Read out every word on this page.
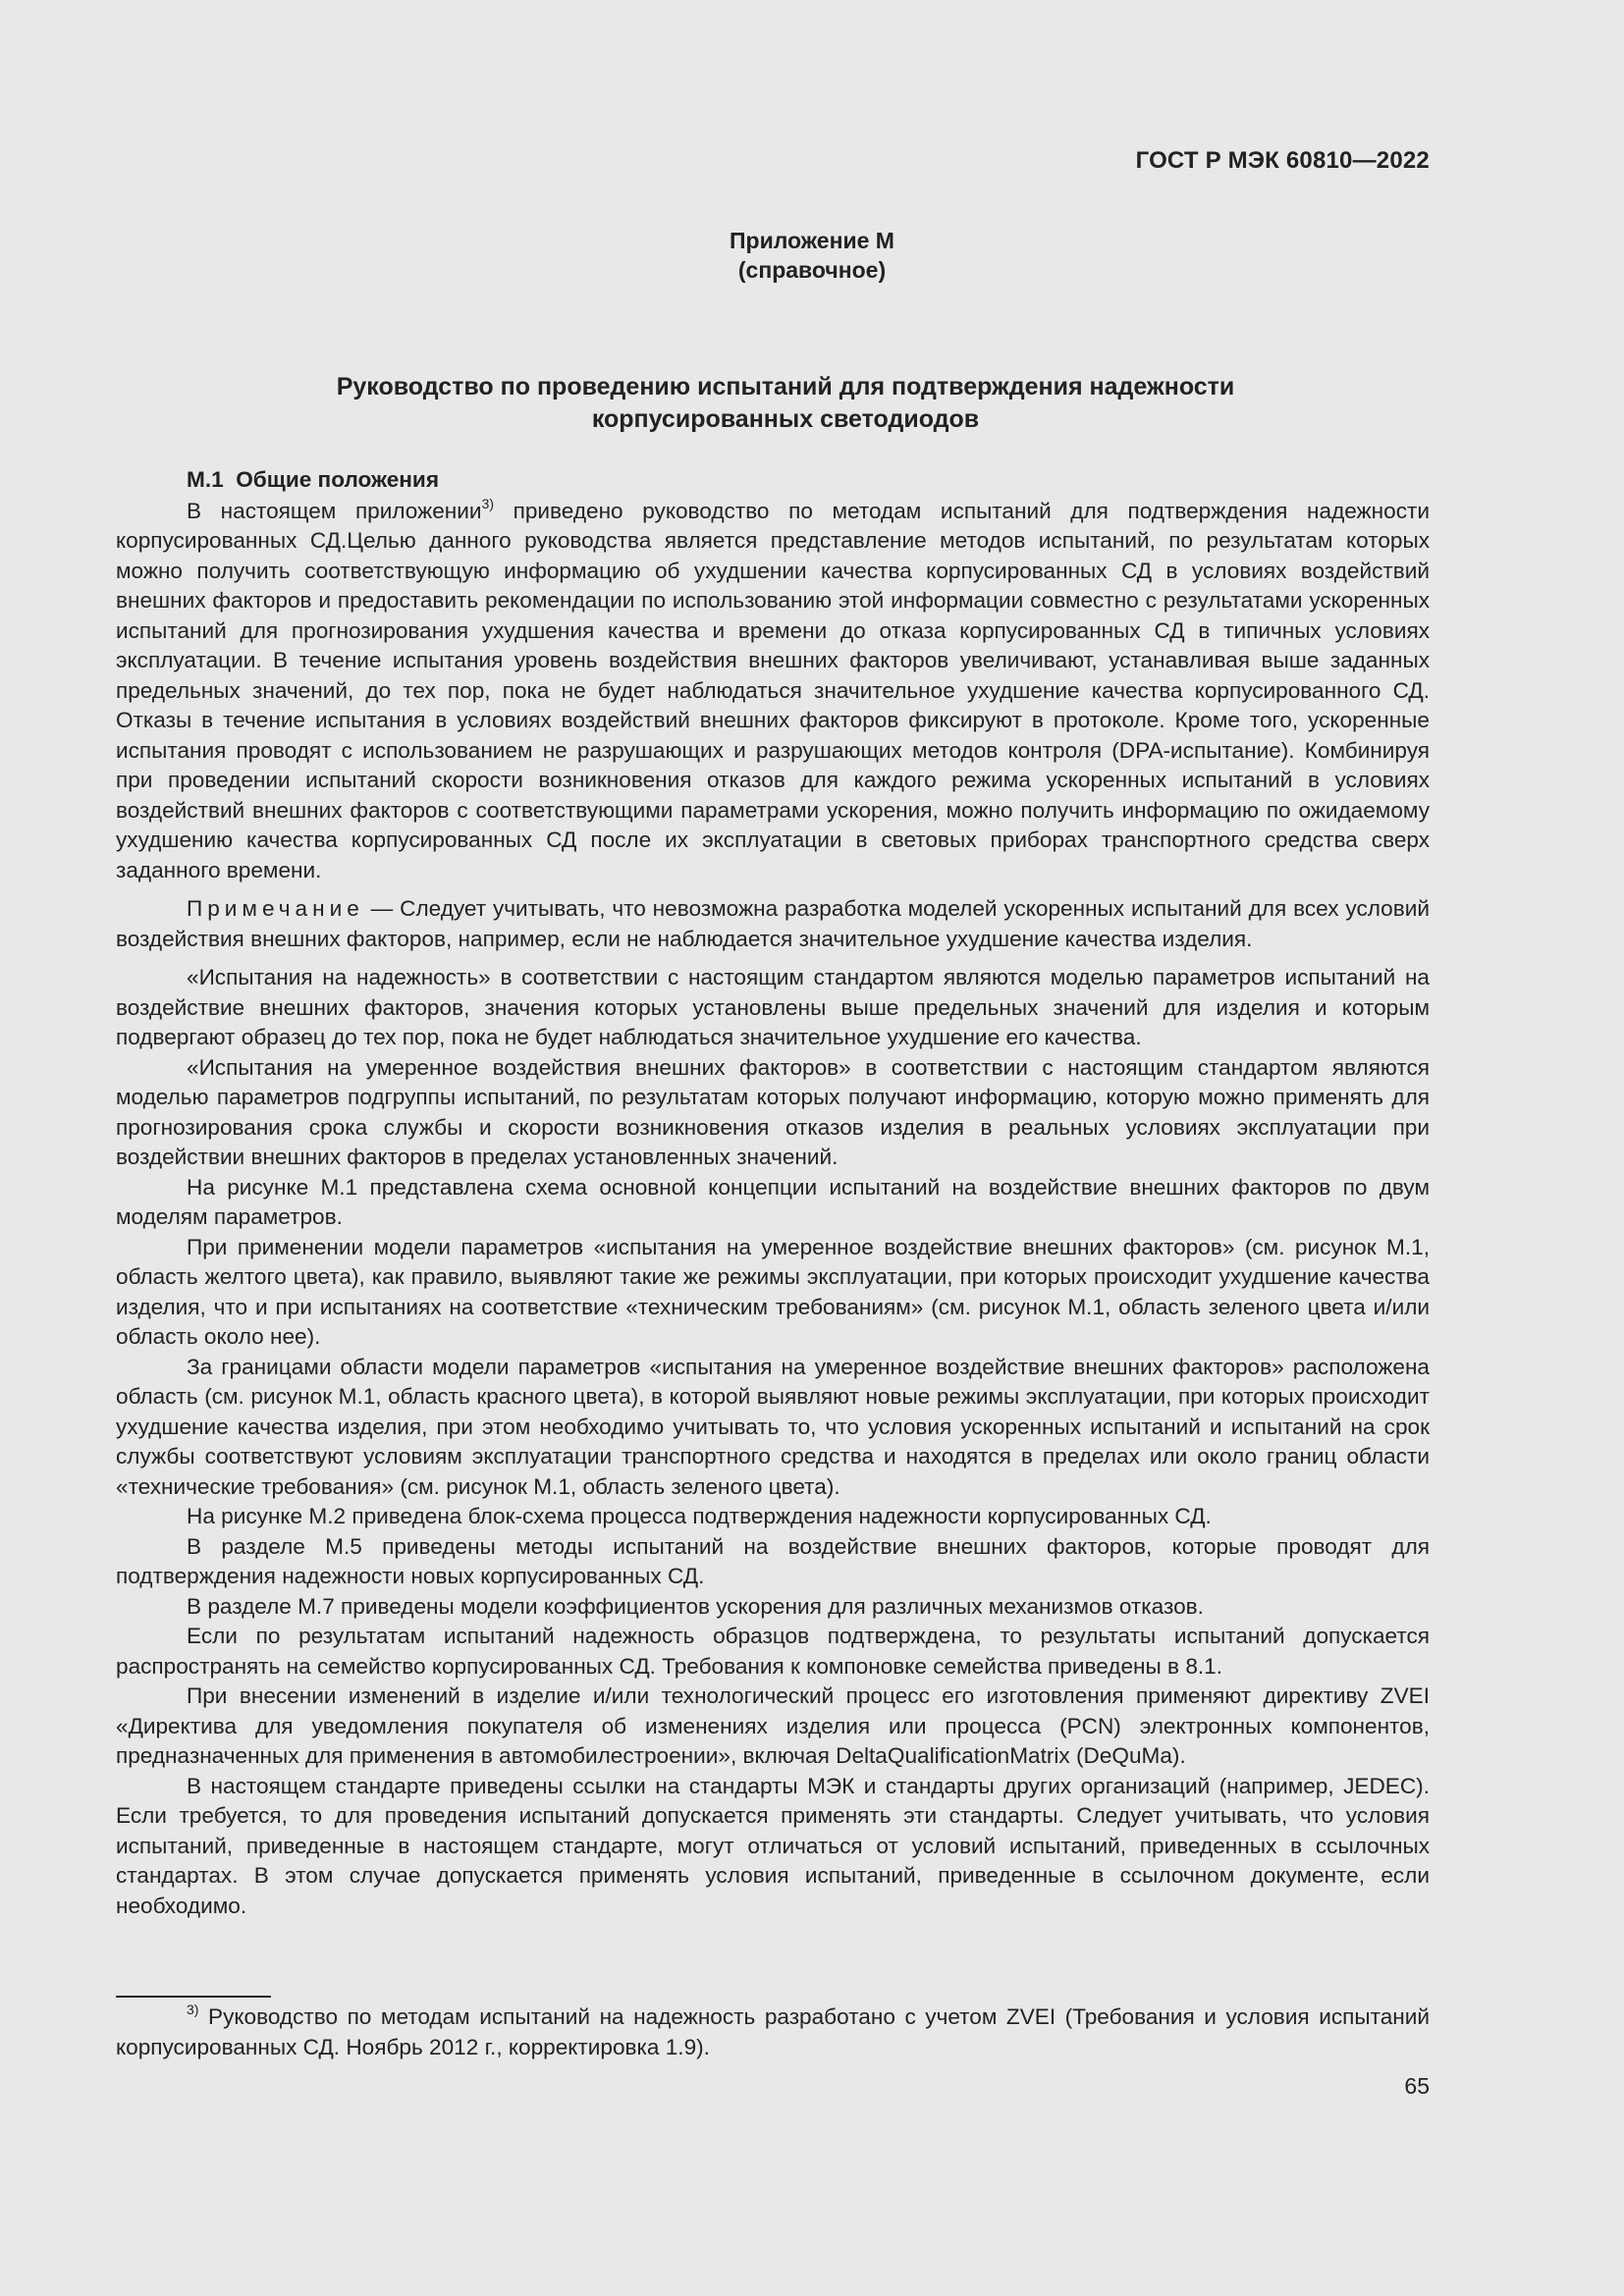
ГОСТ Р МЭК 60810—2022
Приложение М
(справочное)
Руководство по проведению испытаний для подтверждения надежности
корпусированных светодиодов
М.1 Общие положения

В настоящем приложении$^{3)}$ приведено руководство по методам испытаний для подтверждения надежности корпусированных СД.Целью данного руководства является представление методов испытаний, по результатам которых можно получить соответствующую информацию об ухудшении качества корпусированных СД в условиях воздействий внешних факторов и предоставить рекомендации по использованию этой информации совместно с результатами ускоренных испытаний для прогнозирования ухудшения качества и времени до отказа корпусированных СД в типичных условиях эксплуатации. В течение испытания уровень воздействия внешних факторов увеличивают, устанавливая выше заданных предельных значений, до тех пор, пока не будет наблюдаться значительное ухудшение качества корпусированного СД. Отказы в течение испытания в условиях воздействий внешних факторов фиксируют в протоколе. Кроме того, ускоренные испытания проводят с использованием не разрушающих и разрушающих методов контроля (DPA-испытание). Комбинируя при проведении испытаний скорости возникновения отказов для каждого режима ускоренных испытаний в условиях воздействий внешних факторов с соответствующими параметрами ускорения, можно получить информацию по ожидаемому ухудшению качества корпусированных СД после их эксплуатации в световых приборах транспортного средства сверх заданного времени.

Примечание — Следует учитывать, что невозможна разработка моделей ускоренных испытаний для всех условий воздействия внешних факторов, например, если не наблюдается значительное ухудшение качества изделия.

«Испытания на надежность» в соответствии с настоящим стандартом являются моделью параметров испытаний на воздействие внешних факторов, значения которых установлены выше предельных значений для изделия и которым подвергают образец до тех пор, пока не будет наблюдаться значительное ухудшение его качества.

«Испытания на умеренное воздействия внешних факторов» в соответствии с настоящим стандартом являются моделью параметров подгруппы испытаний, по результатам которых получают информацию, которую можно применять для прогнозирования срока службы и скорости возникновения отказов изделия в реальных условиях эксплуатации при воздействии внешних факторов в пределах установленных значений.

На рисунке М.1 представлена схема основной концепции испытаний на воздействие внешних факторов по двум моделям параметров.

При применении модели параметров «испытания на умеренное воздействие внешних факторов» (см. рисунок М.1, область желтого цвета), как правило, выявляют такие же режимы эксплуатации, при которых происходит ухудшение качества изделия, что и при испытаниях на соответствие «техническим требованиям» (см. рисунок М.1, область зеленого цвета и/или область около нее).

За границами области модели параметров «испытания на умеренное воздействие внешних факторов» расположена область (см. рисунок М.1, область красного цвета), в которой выявляют новые режимы эксплуатации, при которых происходит ухудшение качества изделия, при этом необходимо учитывать то, что условия ускоренных испытаний и испытаний на срок службы соответствуют условиям эксплуатации транспортного средства и находятся в пределах или около границ области «технические требования» (см. рисунок М.1, область зеленого цвета).

На рисунке М.2 приведена блок-схема процесса подтверждения надежности корпусированных СД.

В разделе М.5 приведены методы испытаний на воздействие внешних факторов, которые проводят для подтверждения надежности новых корпусированных СД.

В разделе М.7 приведены модели коэффициентов ускорения для различных механизмов отказов.

Если по результатам испытаний надежность образцов подтверждена, то результаты испытаний допускается распространять на семейство корпусированных СД. Требования к компоновке семейства приведены в 8.1.

При внесении изменений в изделие и/или технологический процесс его изготовления применяют директиву ZVEI «Директива для уведомления покупателя об изменениях изделия или процесса (PCN) электронных компонентов, предназначенных для применения в автомобилестроении», включая DeltaQualificationMatrix (DeQuMa).

В настоящем стандарте приведены ссылки на стандарты МЭК и стандарты других организаций (например, JEDEC). Если требуется, то для проведения испытаний допускается применять эти стандарты. Следует учитывать, что условия испытаний, приведенные в настоящем стандарте, могут отличаться от условий испытаний, приведенных в ссылочных стандартах. В этом случае допускается применять условия испытаний, приведенные в ссылочном документе, если необходимо.

$^{3)}$ Руководство по методам испытаний на надежность разработано с учетом ZVEI (Требования и условия испытаний корпусированных СД. Ноябрь 2012 г., корректировка 1.9).
65
